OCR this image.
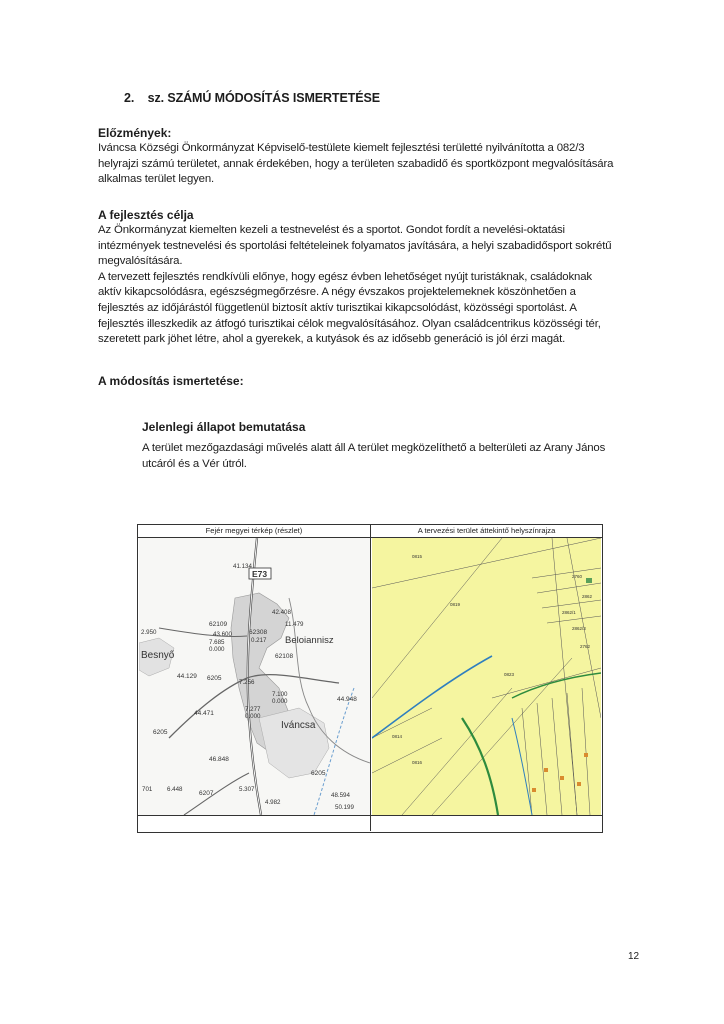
2. sz. SZÁMÚ MÓDOSÍTÁS ISMERTETÉSE
Előzmények:
Iváncsa Községi Önkormányzat Képviselő-testülete kiemelt fejlesztési területté nyilvánította a 082/3
helyrajzi számú területet, annak érdekében, hogy a területen szabadidő és sportközpont megvalósítására
alkalmas terület legyen.
A fejlesztés célja
Az Önkormányzat kiemelten kezeli a testnevelést és a sportot. Gondot fordít a nevelési-oktatási
intézmények testnevelési és sportolási feltételeinek folyamatos javítására, a helyi szabadidősport sokrétű
megvalósítására.
A tervezett fejlesztés rendkívüli előnye, hogy egész évben lehetőséget nyújt turistáknak, családoknak
aktív kikapcsolódásra, egészségmegőrzésre. A négy évszakos projektelemeknek köszönhetően a
fejlesztés az időjárástól függetlenül biztosít aktív turisztikai kikapcsolódást, közösségi sportolást. A
fejlesztés illeszkedik az átfogó turisztikai célok megvalósításához. Olyan családcentrikus közösségi tér,
szeretett park jöhet létre, ahol a gyerekek, a kutyások és az idősebb generáció is jól érzi magát.
A módosítás ismertetése:
Jelenlegi állapot bemutatása
A terület mezőgazdasági művelés alatt áll A terület megközelíthető a belterületi az Arany János
utcáról és a Vér útról.
Fejér megyei térkép (részlet)	A tervezési terület áttekintő helyszínrajza
E73
Besnyő
Beloiannisz
Iváncsa
62109
62308
6205
6205
6205
6207
62108
43.600
7.685
0.000
0.217
7.256
7.100
0.000
7.277
0.000
44.129
44.471
44.948
46.848
42.408
11.479
6.448	5.307
4.982
48.594
50.199
2.950
41.134
701
0815
0819
0823
0814
0816
2862
2760
2862/1
2862/3
2762
12
